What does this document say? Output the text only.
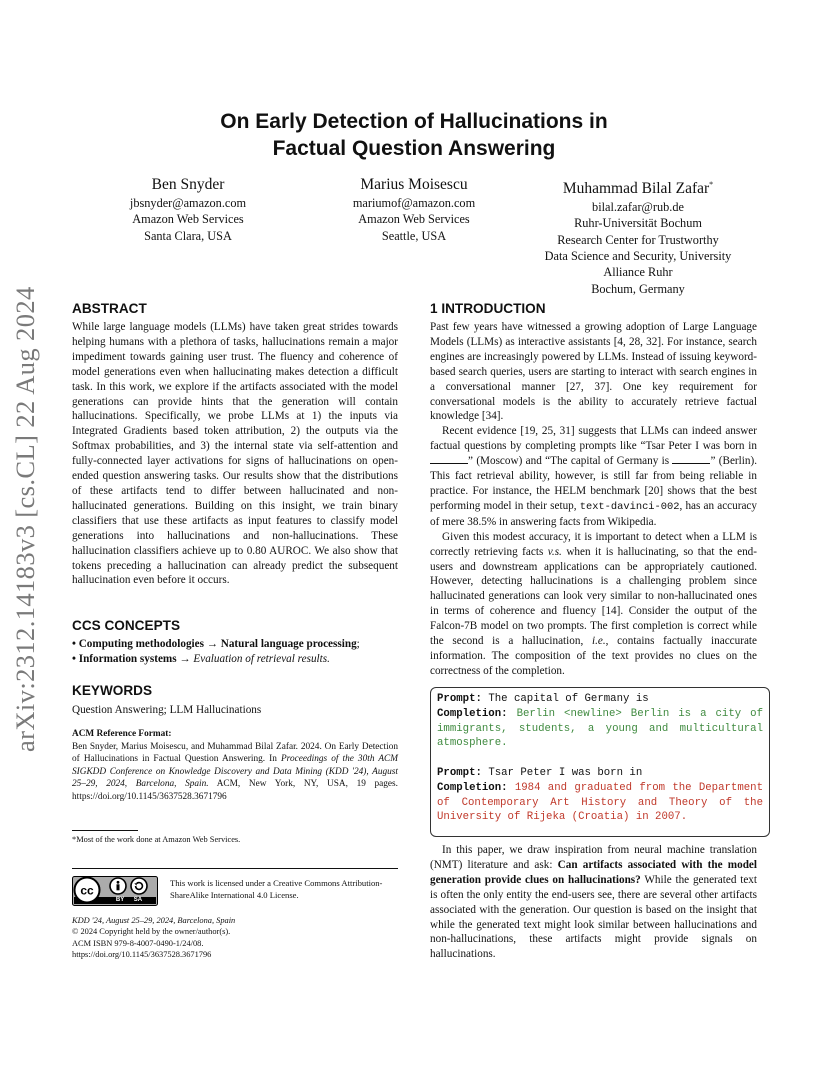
On Early Detection of Hallucinations in
Factual Question Answering
Ben Snyder
jbsnyder@amazon.com
Amazon Web Services
Santa Clara, USA
Marius Moisescu
mariumof@amazon.com
Amazon Web Services
Seattle, USA
Muhammad Bilal Zafar*
bilal.zafar@rub.de
Ruhr-Universität Bochum
Research Center for Trustworthy
Data Science and Security, University
Alliance Ruhr
Bochum, Germany
arXiv:2312.14183v3 [cs.CL] 22 Aug 2024 ABSTRACT

While large language models (LLMs) have taken great strides towards helping humans with a plethora of tasks, hallucinations remain a major impediment towards gaining user trust. The fluency and coherence of model generations even when hallucinating makes detection a difficult task. In this work, we explore if the artifacts associated with the model generations can provide hints that the generation will contain hallucinations. Specifically, we probe LLMs at 1) the inputs via Integrated Gradients based token attribution, 2) the outputs via the Softmax probabilities, and 3) the internal state via self-attention and fully-connected layer activations for signs of hallucinations on open-ended question answering tasks. Our results show that the distributions of these artifacts tend to differ between hallucinated and non-hallucinated generations. Building on this insight, we train binary classifiers that use these artifacts as input features to classify model generations into hallucinations and non-hallucinations. These hallucination classifiers achieve up to 0.80 AUROC. We also show that tokens preceding a hallucination can already predict the subsequent hallucination even before it occurs.

CCS CONCEPTS
• Computing methodologies → Natural language processing;
• Information systems → Evaluation of retrieval results.
KEYWORDS
Question Answering; LLM Hallucinations
ACM Reference Format:
Ben Snyder, Marius Moisescu, and Muhammad Bilal Zafar. 2024. On Early Detection of Hallucinations in Factual Question Answering. In Proceedings of the 30th ACM SIGKDD Conference on Knowledge Discovery and Data Mining (KDD '24), August 25–29, 2024, Barcelona, Spain. ACM, New York, NY, USA, 19 pages. https://doi.org/10.1145/3637528.3671796
*Most of the work done at Amazon Web Services.
cc
BY SA
This work is licensed under a Creative Commons Attribution-ShareAlike International 4.0 License.
KDD '24, August 25–29, 2024, Barcelona, Spain
© 2024 Copyright held by the owner/author(s).
ACM ISBN 979-8-4007-0490-1/24/08.
https://doi.org/10.1145/3637528.3671796
1 INTRODUCTION

Past few years have witnessed a growing adoption of Large Language Models (LLMs) as interactive assistants [4, 28, 32]. For instance, search engines are increasingly powered by LLMs. Instead of issuing keyword-based search queries, users are starting to interact with search engines in a conversational manner [27, 37]. One key requirement for conversational models is the ability to accurately retrieve factual knowledge [34].

Recent evidence [19, 25, 31] suggests that LLMs can indeed answer factual questions by completing prompts like “Tsar Peter I was born in ” (Moscow) and “The capital of Germany is	” (Berlin). This fact retrieval ability, however, is still far from being reliable in practice. For instance, the HELM benchmark [20] shows that the best performing model in their setup, text-davinci-002, has an accuracy of mere 38.5% in answering facts from Wikipedia.

Given this modest accuracy, it is important to detect when a LLM is correctly retrieving facts v.s. when it is hallucinating, so that the end-users and downstream applications can be appropriately cautioned. However, detecting hallucinations is a challenging problem since hallucinated generations can look very similar to non-hallucinated ones in terms of coherence and fluency [14]. Consider the output of the Falcon-7B model on two prompts. The first completion is correct while the second is a hallucination, i.e., contains factually inaccurate information. The composition of the text provides no clues on the correctness of the completion.

Prompt: The capital of Germany is
Completion: Berlin <newline> Berlin is a city of immigrants, students, a young and multicultural atmosphere.
Prompt: Tsar Peter I was born in
Completion: 1984 and graduated from the Department of Contemporary Art History and Theory of the University of Rijeka (Croatia) in 2007.

In this paper, we draw inspiration from neural machine translation (NMT) literature and ask: Can artifacts associated with the model generation provide clues on hallucinations? While the generated text is often the only entity the end-users see, there are several other artifacts associated with the generation. Our question is based on the insight that while the generated text might look similar between hallucinations and non-hallucinations, these artifacts might provide signals on hallucinations.
